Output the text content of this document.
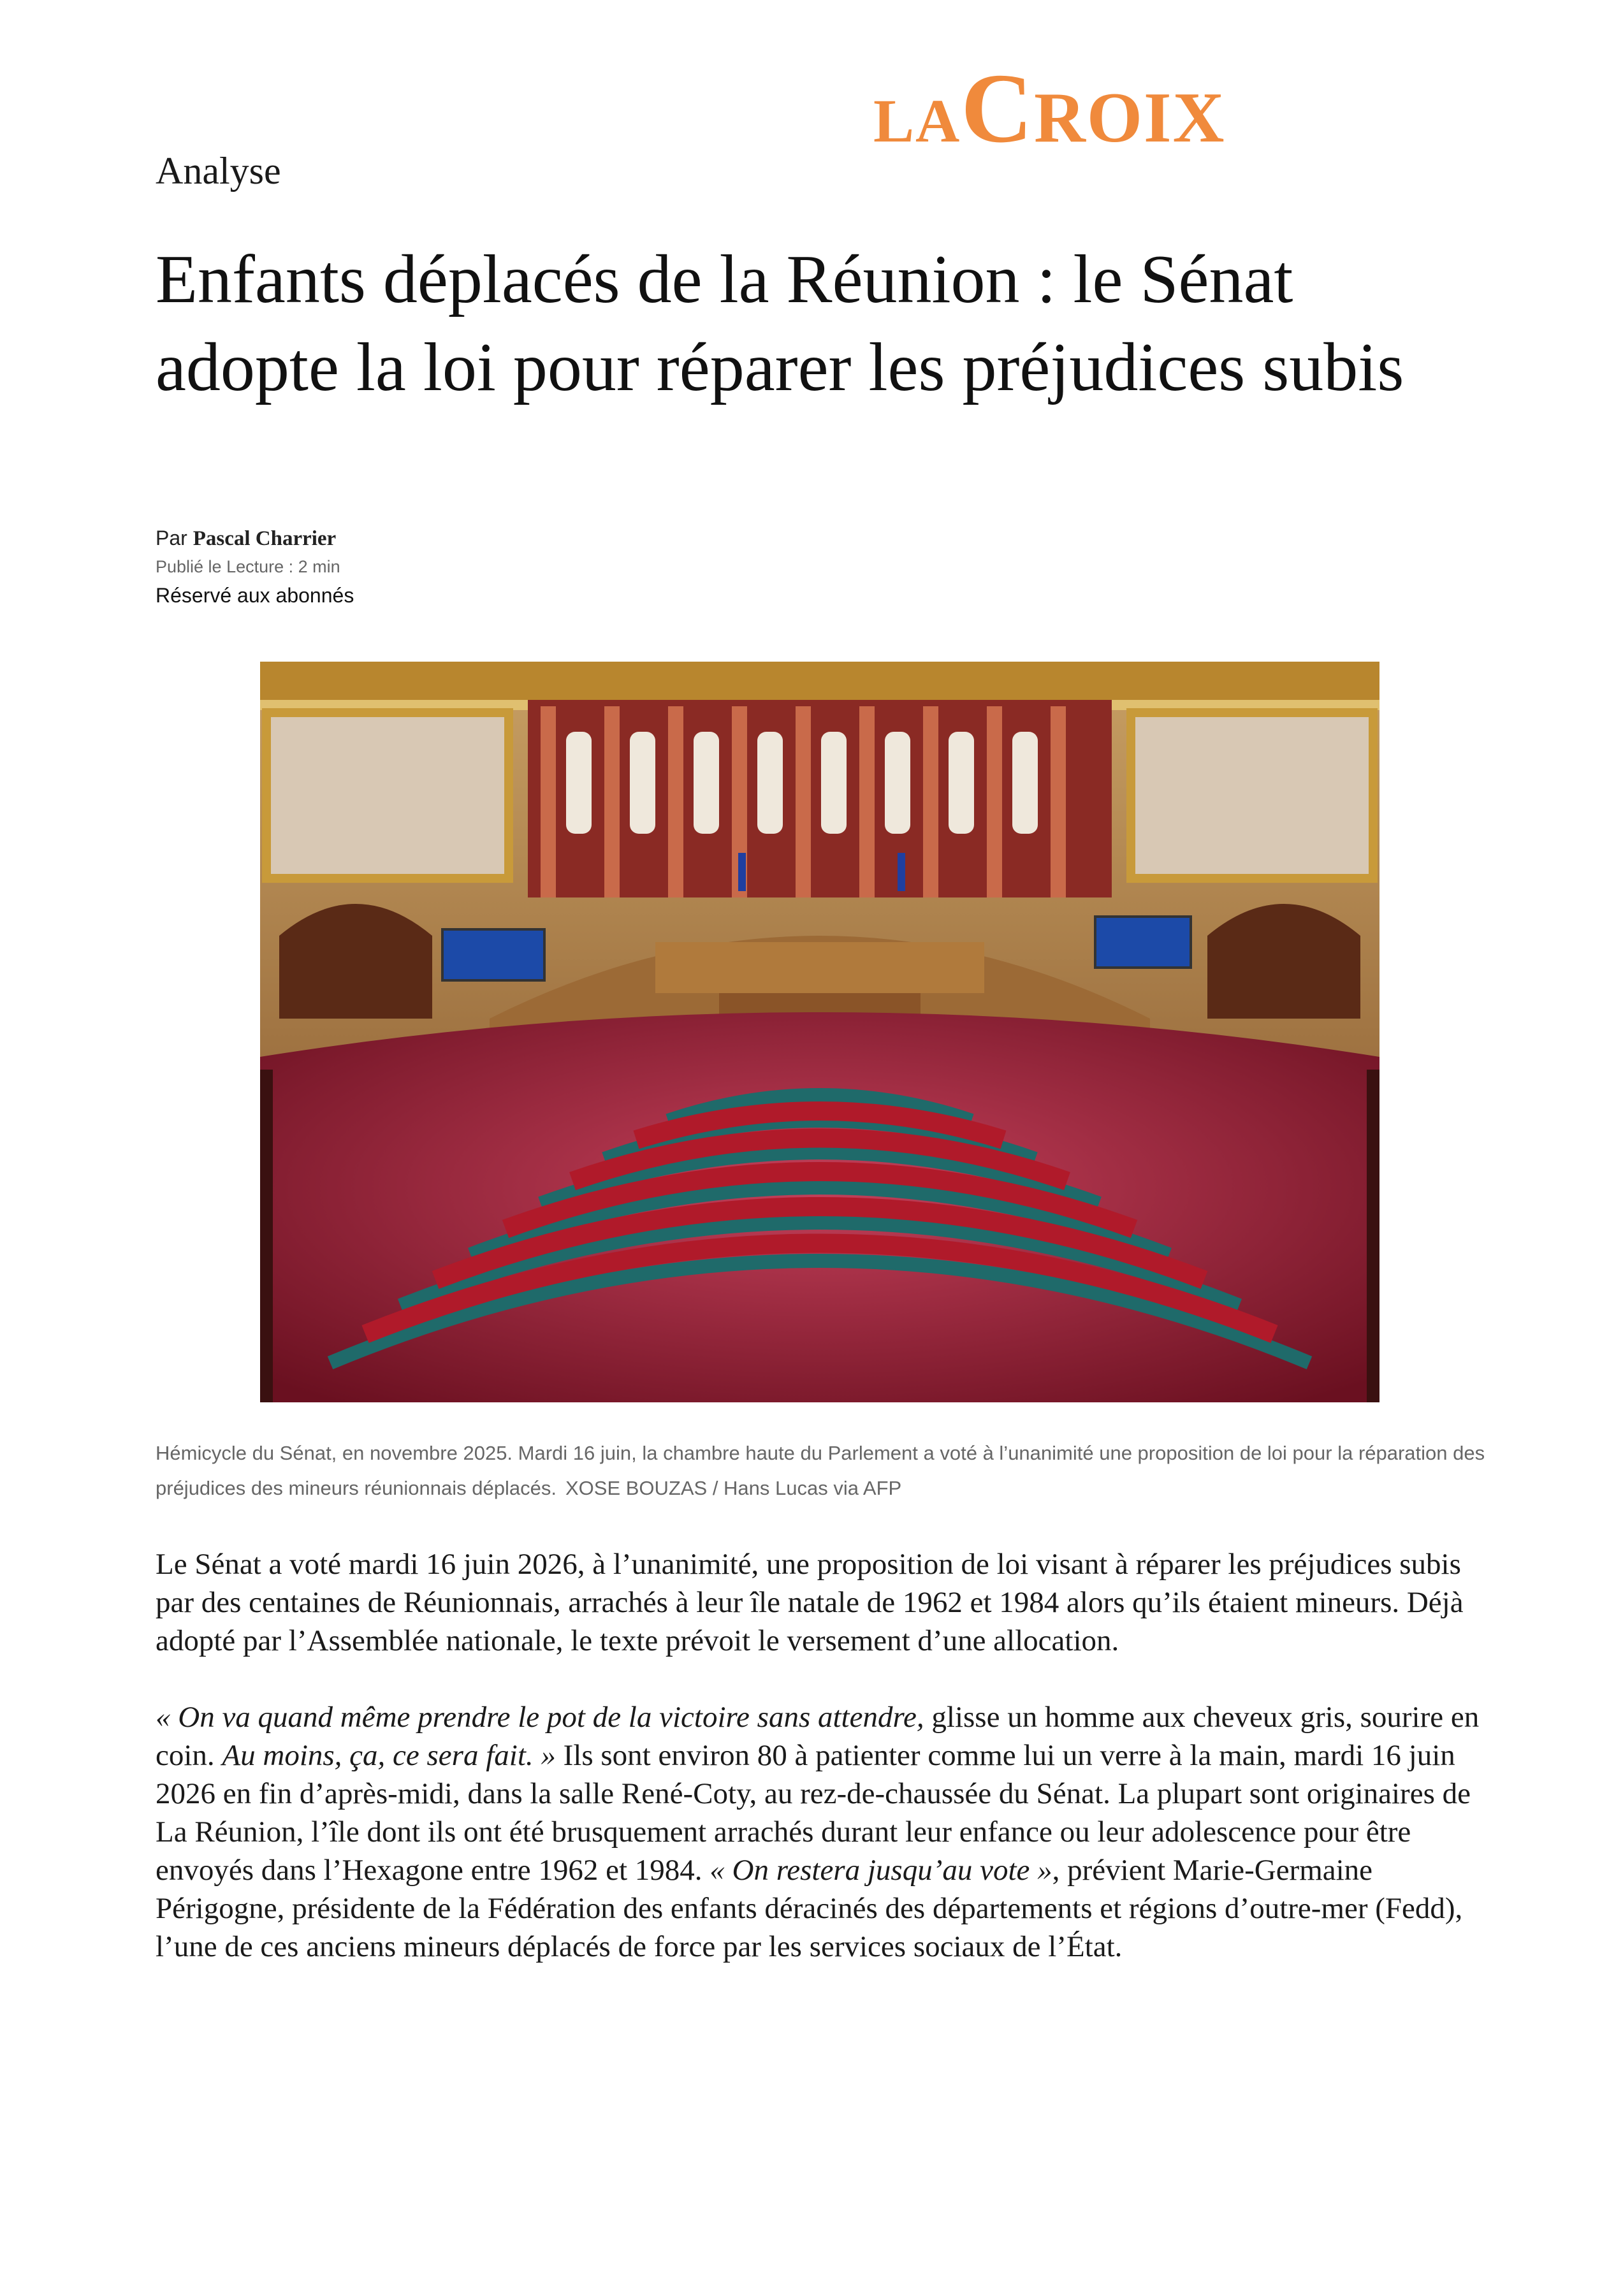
LA C ROIX
Analyse
Enfants déplacés de la Réunion : le Sénat adopte la loi pour réparer les préjudices subis
Par Pascal Charrier
Publié le Lecture : 2 min
Réservé aux abonnés
Hémicycle du Sénat, en novembre 2025. Mardi 16 juin, la chambre haute du Parlement a voté à l’unanimité une proposition de loi pour la réparation des préjudices des mineurs réunionnais déplacés. XOSE BOUZAS / Hans Lucas via AFP

Le Sénat a voté mardi 16 juin 2026, à l’unanimité, une proposition de loi visant à réparer les préjudices subis par des centaines de Réunionnais, arrachés à leur île natale de 1962 et 1984 alors qu’ils étaient mineurs. Déjà adopté par l’Assemblée nationale, le texte prévoit le versement d’une allocation.

« On va quand même prendre le pot de la victoire sans attendre, glisse un homme aux cheveux gris, sourire en coin. Au moins, ça, ce sera fait. » Ils sont environ 80 à patienter comme lui un verre à la main, mardi 16 juin 2026 en fin d’après-midi, dans la salle René-Coty, au rez-de-chaussée du Sénat. La plupart sont originaires de La Réunion, l’île dont ils ont été brusquement arrachés durant leur enfance ou leur adolescence pour être envoyés dans l’Hexagone entre 1962 et 1984. « On restera jusqu’au vote », prévient Marie-Germaine Périgogne, présidente de la Fédération des enfants déracinés des départements et régions d’outre-mer (Fedd), l’une de ces anciens mineurs déplacés de force par les services sociaux de l’État.
